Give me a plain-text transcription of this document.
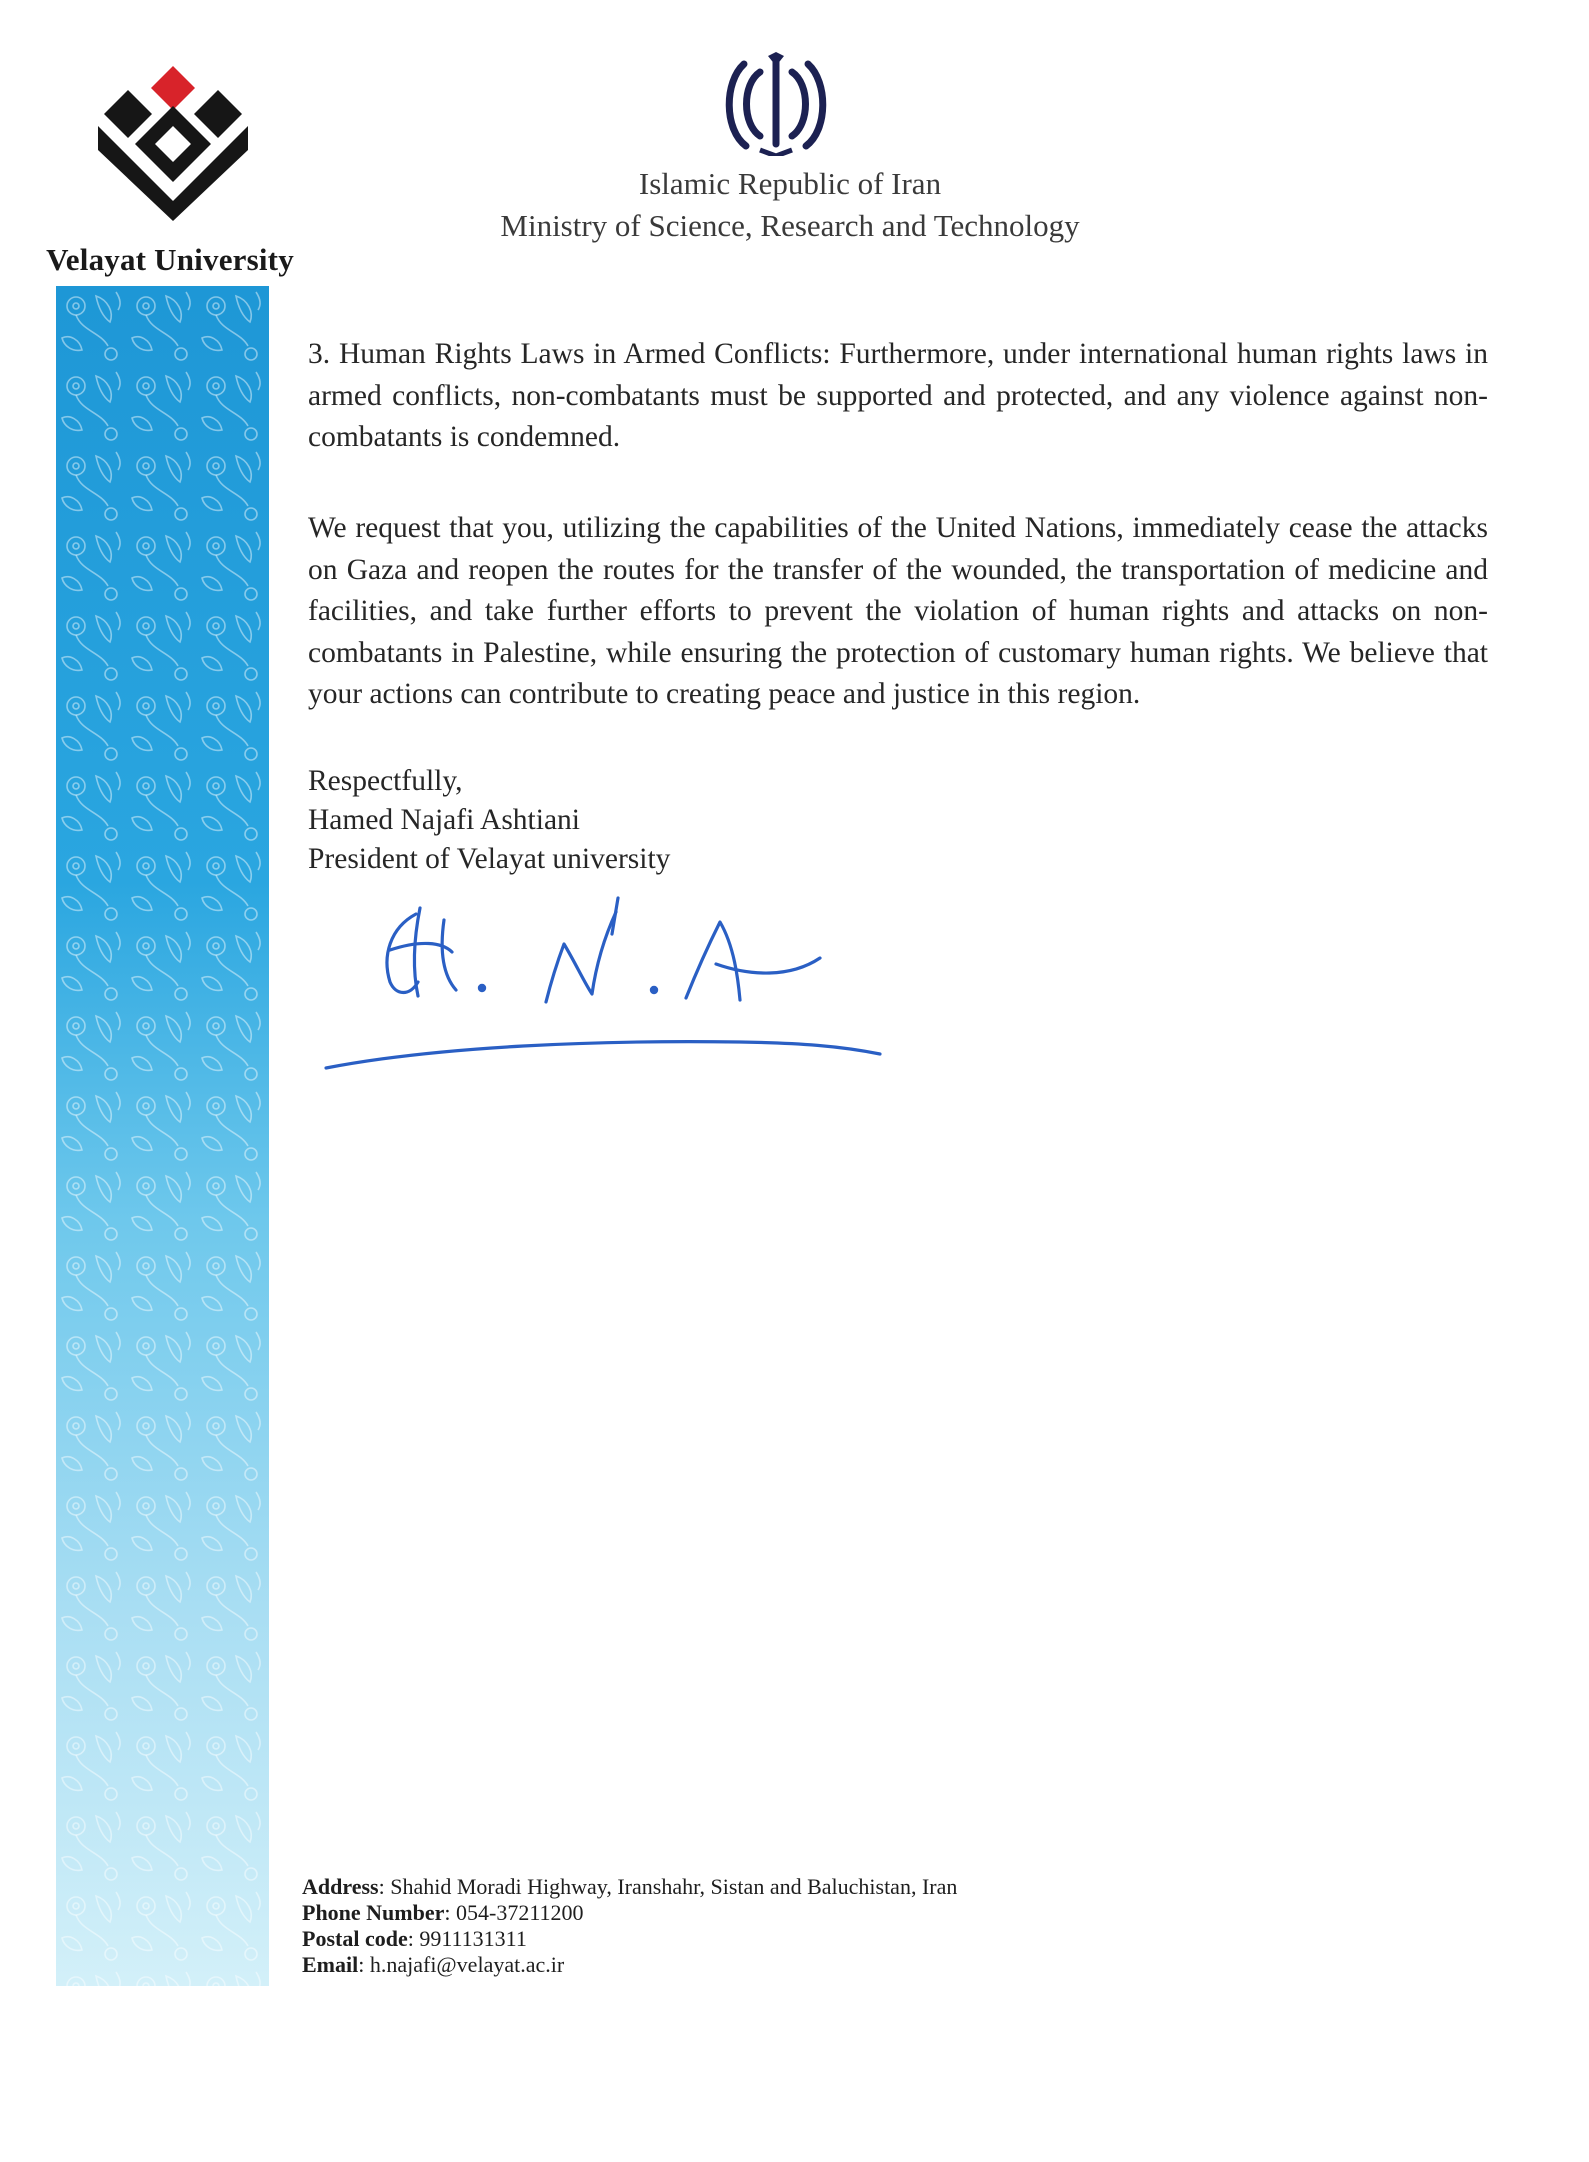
Velayat University
Islamic Republic of Iran
Ministry of Science, Research and Technology
3. Human Rights Laws in Armed Conflicts: Furthermore, under international human rights laws in armed conflicts, non-combatants must be supported and protected, and any violence against non-combatants is condemned.
We request that you, utilizing the capabilities of the United Nations, immediately cease the attacks on Gaza and reopen the routes for the transfer of the wounded, the transportation of medicine and facilities, and take further efforts to prevent the violation of human rights and attacks on non-combatants in Palestine, while ensuring the protection of customary human rights. We believe that your actions can contribute to creating peace and justice in this region.
Respectfully,
Hamed Najafi Ashtiani
President of Velayat university
Address: Shahid Moradi Highway, Iranshahr, Sistan and Baluchistan, Iran
Phone Number: 054-37211200
Postal code: 9911131311
Email: h.najafi@velayat.ac.ir
